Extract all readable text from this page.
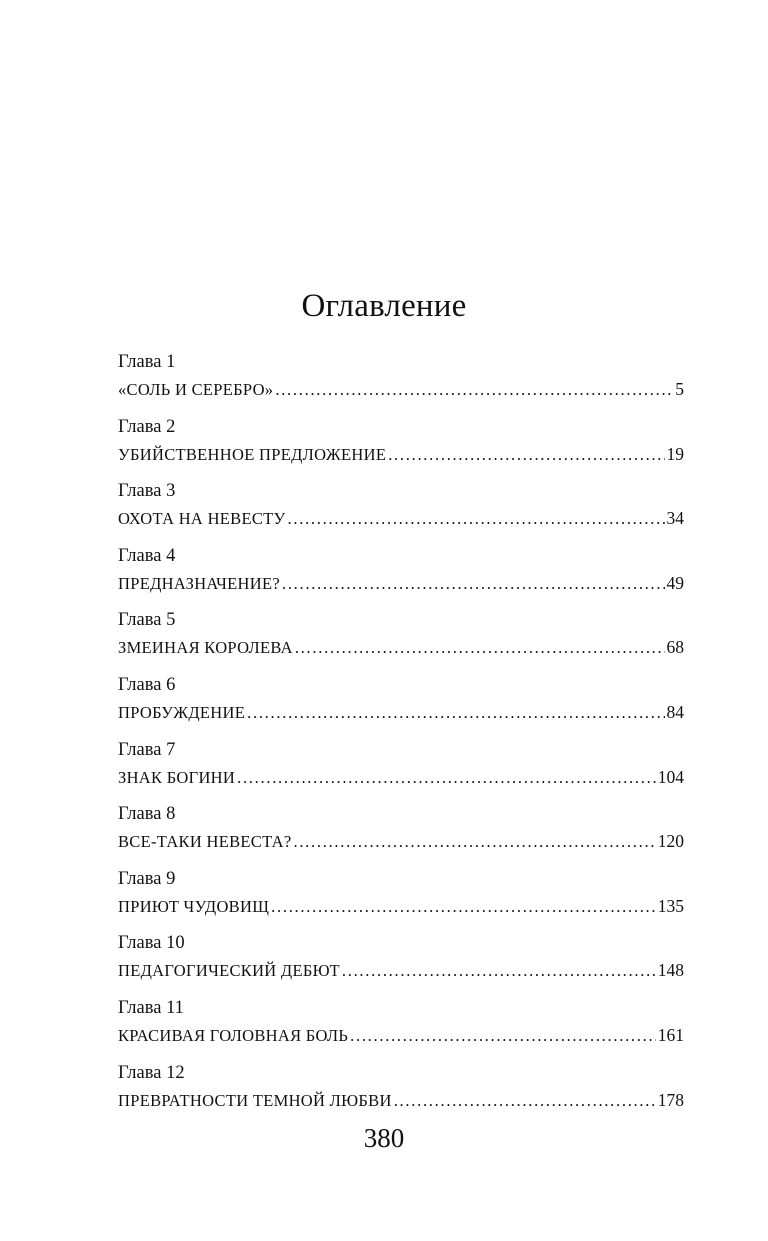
Оглавление
Глава 1
«СОЛЬ И СЕРЕБРО» . . .	5
Глава 2
УБИЙСТВЕННОЕ ПРЕДЛОЖЕНИЕ . . .	19
Глава 3
ОХОТА НА НЕВЕСТУ . . .	34
Глава 4
ПРЕДНАЗНАЧЕНИЕ? . . .	49
Глава 5
ЗМЕИНАЯ КОРОЛЕВА . . .	68
Глава 6
ПРОБУЖДЕНИЕ . . .	84
Глава 7
ЗНАК БОГИНИ . . .	104
Глава 8
ВСЕ-ТАКИ НЕВЕСТА? . . .	120
Глава 9
ПРИЮТ ЧУДОВИЩ . . .	135
Глава 10
ПЕДАГОГИЧЕСКИЙ ДЕБЮТ . . .	148
Глава 11
КРАСИВАЯ ГОЛОВНАЯ БОЛЬ . . .	161
Глава 12
ПРЕВРАТНОСТИ ТЕМНОЙ ЛЮБВИ . . .	178
380
